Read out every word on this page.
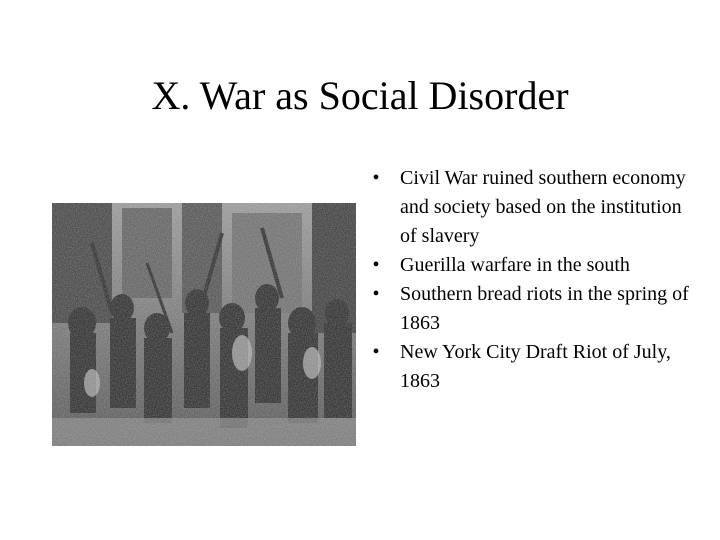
X. War as Social Disorder
•	Civil War ruined southern economy and society based on the institution of slavery
•	Guerilla warfare in the south
•	Southern bread riots in the spring of 1863
•	New York City Draft Riot of July, 1863
